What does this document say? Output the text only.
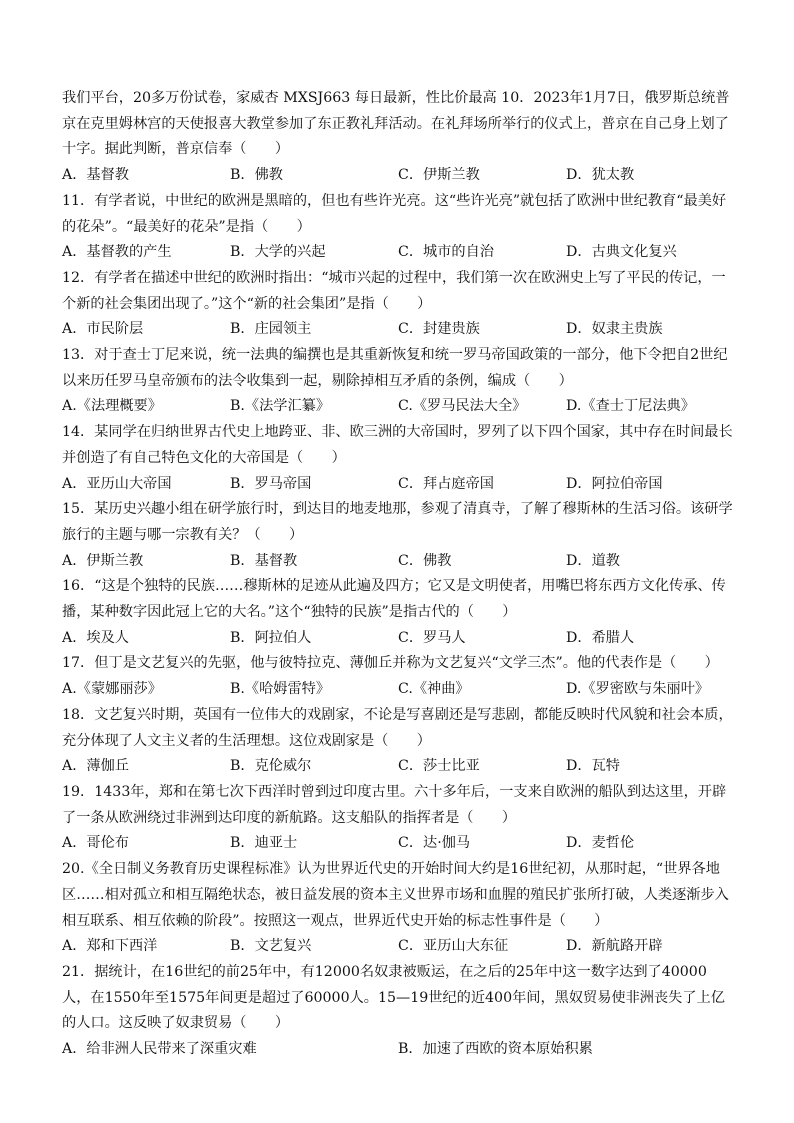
我们平台，20多万份试卷，家威杏 MXSJ663 每日最新，性比价最高 10．2023年1月7日，俄罗斯总统普京在克里姆林宫的天使报喜大教堂参加了东正教礼拜活动。在礼拜场所举行的仪式上，普京在自己身上划了十字。据此判断，普京信奉（　　）

A．基督教	B．佛教	C．伊斯兰教	D．犹太教

11．有学者说，中世纪的欧洲是黑暗的，但也有些许光亮。这“些许光亮”就包括了欧洲中世纪教育“最美好的花朵”。“最美好的花朵”是指（　　）

A．基督教的产生	B．大学的兴起	C．城市的自治	D．古典文化复兴

12．有学者在描述中世纪的欧洲时指出：“城市兴起的过程中，我们第一次在欧洲史上写了平民的传记，一个新的社会集团出现了。”这个“新的社会集团”是指（　　）

A．市民阶层	B．庄园领主	C．封建贵族	D．奴隶主贵族

13．对于查士丁尼来说，统一法典的编撰也是其重新恢复和统一罗马帝国政策的一部分，他下令把自2世纪以来历任罗马皇帝颁布的法令收集到一起，剔除掉相互矛盾的条例，编成（　　）

A.《法理概要》	B.《法学汇纂》	C.《罗马民法大全》	D.《查士丁尼法典》

14．某同学在归纳世界古代史上地跨亚、非、欧三洲的大帝国时，罗列了以下四个国家，其中存在时间最长并创造了有自己特色文化的大帝国是（　　）

A．亚历山大帝国	B．罗马帝国	C．拜占庭帝国	D．阿拉伯帝国

15．某历史兴趣小组在研学旅行时，到达目的地麦地那，参观了清真寺，了解了穆斯林的生活习俗。该研学旅行的主题与哪一宗教有关？（　　）

A．伊斯兰教	B．基督教	C．佛教	D．道教

16．“这是个独特的民族……穆斯林的足迹从此遍及四方；它又是文明使者，用嘴巴将东西方文化传承、传播，某种数字因此冠上它的大名。”这个“独特的民族”是指古代的（　　）

A．埃及人	B．阿拉伯人	C．罗马人	D．希腊人

17．但丁是文艺复兴的先驱，他与彼特拉克、薄伽丘并称为文艺复兴“文学三杰”。他的代表作是（　　）

A.《蒙娜丽莎》	B.《哈姆雷特》	C.《神曲》	D.《罗密欧与朱丽叶》

18．文艺复兴时期，英国有一位伟大的戏剧家，不论是写喜剧还是写悲剧，都能反映时代风貌和社会本质，充分体现了人文主义者的生活理想。这位戏剧家是（　　）

A．薄伽丘	B．克伦威尔	C．莎士比亚	D．瓦特

19．1433年，郑和在第七次下西洋时曾到过印度古里。六十多年后，一支来自欧洲的船队到达这里，开辟了一条从欧洲绕过非洲到达印度的新航路。这支船队的指挥者是（　　）

A．哥伦布	B．迪亚士	C．达·伽马	D．麦哲伦

20.《全日制义务教育历史课程标准》认为世界近代史的开始时间大约是16世纪初，从那时起，“世界各地区……相对孤立和相互隔绝状态，被日益发展的资本主义世界市场和血腥的殖民扩张所打破，人类逐渐步入相互联系、相互依赖的阶段”。按照这一观点，世界近代史开始的标志性事件是（　　）

A．郑和下西洋	B．文艺复兴	C．亚历山大东征	D．新航路开辟

21．据统计，在16世纪的前25年中，有12000名奴隶被贩运，在之后的25年中这一数字达到了40000人，在1550年至1575年间更是超过了60000人。15—19世纪的近400年间，黑奴贸易使非洲丧失了上亿的人口。这反映了奴隶贸易（　　）

A．给非洲人民带来了深重灾难	B．加速了西欧的资本原始积累
